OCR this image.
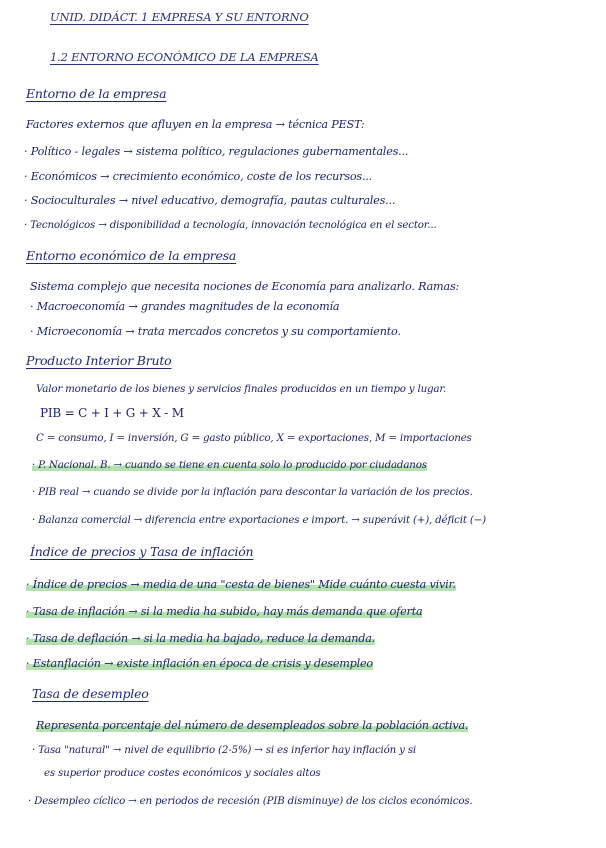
UNID. DIDÁCT. 1 EMPRESA Y SU ENTORNO
1.2 ENTORNO ECONÓMICO DE LA EMPRESA
Entorno de la empresa
Factores externos que afluyen en la empresa → técnica PEST:
· Político - legales → sistema político, regulaciones gubernamentales...
· Económicos → crecimiento económico, coste de los recursos...
· Socioculturales → nivel educativo, demografía, pautas culturales...
· Tecnológicos → disponibilidad a tecnología, innovación tecnológica en el sector...
Entorno económico de la empresa
Sistema complejo que necesita nociones de Economía para analizarlo. Ramas:
· Macroeconomía → grandes magnitudes de la economía
· Microeconomía → trata mercados concretos y su comportamiento.
Producto Interior Bruto
Valor monetario de los bienes y servicios finales producidos en un tiempo y lugar.
PIB = C + I + G + X - M
C = consumo, I = inversión, G = gasto público, X = exportaciones, M = importaciones
· P. Nacional. B. → cuando se tiene en cuenta solo lo producido por ciudadanos
· PIB real → cuando se divide por la inflación para descontar la variación de los precios.
· Balanza comercial → diferencia entre exportaciones e import. → superávit (+), déficit (−)
Índice de precios y Tasa de inflación
· Índice de precios → media de una "cesta de bienes" Mide cuánto cuesta vivir.
· Tasa de inflación → si la media ha subido, hay más demanda que oferta
· Tasa de deflación → si la media ha bajado, reduce la demanda.
· Estanflación → existe inflación en época de crisis y desempleo
Tasa de desempleo
Representa porcentaje del número de desempleados sobre la población activa.
· Tasa "natural" → nivel de equilibrio (2-5%) → si es inferior hay inflación y si
es superior produce costes económicos y sociales altos
· Desempleo cíclico → en periodos de recesión (PIB disminuye) de los ciclos económicos.
